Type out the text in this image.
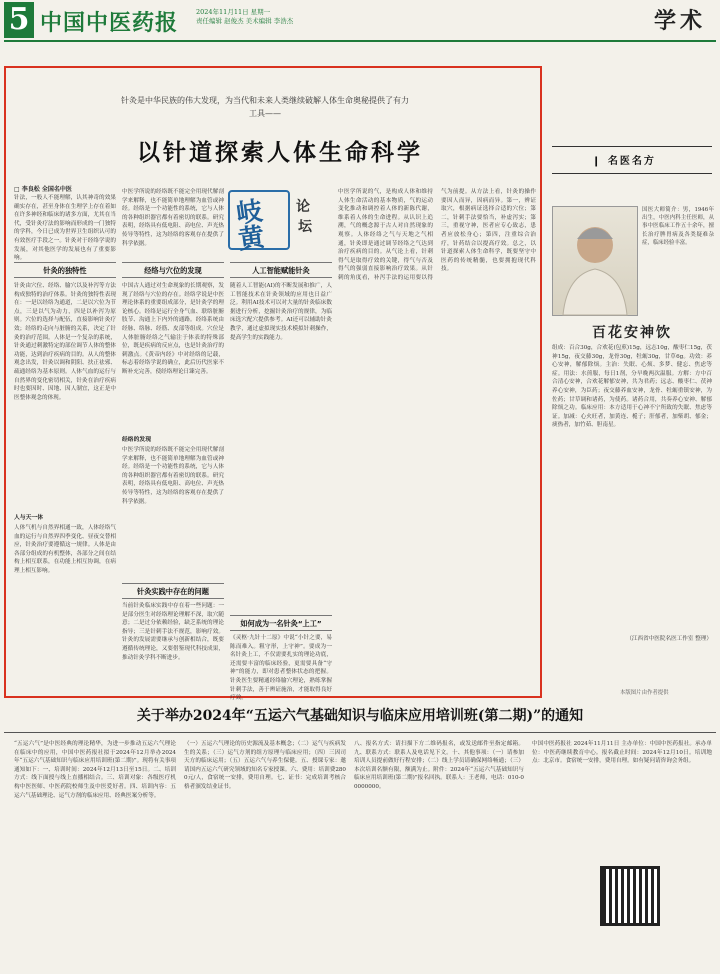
5 中国中医药报	2024年11月11日 星期一
责任编辑 赵俊杰 美术编辑 李浩杰	学术
针灸是中华民族的伟大发现，为当代和未来人类继续破解人体生命奥秘提供了有力工具——
以针道探索人体生命科学
□ 李良松 全国名中医
针法，一般人不能理解，认其神奇的效果确实存在，甚至身体在生理学上存在着如在许多神经和临床的诸多方面，尤其在当代，受针灸疗法的影响而形成的一门独特的学科，今日已成为世界卫生组织认可的有效医疗手段之一。针灸对于经络学说的发展，对其他医学的发展也有了重要影响。
针灸的独特性
针灸由穴位、经络、腧穴以及补泻等方法构成独特的治疗体系。针灸的独特性表现在：一是以经络为通道，二是以穴位为节点，三是以气为动力，四是以补泻为原则。穴位的选择与配伍，直接影响针灸疗效；经络的走向与脏腑的关系，决定了针灸的治疗范围。人体是一个复杂的系统，针灸通过刺激特定的部位调节人体的整体功能，达到治疗疾病的目的。从人的整体观念出发，针灸以调和阴阳、扶正祛邪、疏通经络为基本原则。人体气血的运行与自然界的变化密切相关，针灸在治疗疾病时也要因时、因地、因人制宜，这正是中医整体观念的体现。
人与天一体
人体气机与自然界相通一致，人体经络气血的运行与自然界四季变化、昼夜交替相应，针灸治疗要遵循这一规律。人体是由各部分组成的有机整体，各部分之间在结构上相互联系，在功能上相互协调，在病理上相互影响。
中医学所说的经络既不能完全用现代解剖学来解释，也不能简单地理解为血管或神经。经络是一个功能性的系统，它与人体的各种组织器官都有着密切的联系。研究表明，经络具有低电阻、高电位、声光热传导等特性，这为经络的客观存在提供了科学依据。
经络与穴位的发现
中国古人通过对生命现象的长期观察，发现了经络与穴位的存在。经络学说是中医理论体系的重要组成部分，是针灸学的理论核心。经络是运行全身气血、联络脏腑肢节、沟通上下内外的通路。经络系统由经脉、络脉、经筋、皮部等组成。穴位是人体脏腑经络之气输注于体表的特殊部位，既是疾病的反应点，也是针灸治疗的刺激点。《黄帝内经》中对经络的记载，标志着经络学说的确立，此后历代医家不断补充完善，使经络理论日臻完善。
经络的发现
中医学所说的经络既不能完全用现代解剖学来解释，也不能简单地理解为血管或神经。经络是一个功能性的系统，它与人体的各种组织器官都有着密切的联系。研究表明，经络具有低电阻、高电位、声光热传导等特性，这为经络的客观存在提供了科学依据。
针灸实践中存在的问题
当前针灸临床实践中存在着一些问题：一是部分医生对经络理论理解不深，取穴随意；二是过分依赖经验，缺乏系统的理论指导；三是针刺手法不规范，影响疗效。针灸的发展需要继承与创新相结合，既要遵循传统理论，又要借鉴现代科技成果，推动针灸学科不断进步。
岐
黄
论
坛
人工智能赋能针灸
随着人工智能(AI)的不断发展和推广，人工智能技术在针灸领域的应用也日益广泛。利用AI技术可以对大量的针灸临床数据进行分析，挖掘针灸治疗的规律，为临床选穴配穴提供参考。AI还可以辅助针灸教学，通过虚拟现实技术模拟针刺操作，提高学生的实践能力。
如何成为一名针灸“上工”
《灵枢·九针十二原》中说“小针之要，易陈而难入。粗守形，上守神”。要成为一名针灸上工，不仅需要扎实的理论功底，还需要丰富的临床经验，更需要具备“守神”的能力，即对患者整体状态的把握。针灸医生要精通经络腧穴理论，熟练掌握针刺手法，善于辨证施治，才能取得良好疗效。
中医学所说的气，是构成人体和维持人体生命活动的基本物质，气的运动变化推动和调控着人体的新陈代谢，维系着人体的生命进程。从认识上追溯，气的概念源于古人对自然现象的观察。人体经络之气与天地之气相通，针灸即是通过调节经络之气达到治疗疾病的目的。从气论上看，针刺得气是取得疗效的关键，得气与否及得气的强弱直接影响治疗效果。从针刺的角度看，补泻手法的运用要以得气为前提。从方法上看，针灸的操作要因人而异，因病而异。第一，辨证取穴，根据病证选择合适的穴位；第二，针刺手法要恰当，补虚泻实；第三，重视守神，医者应专心致志，患者应放松身心；第四，注重综合治疗，针药结合以提高疗效。总之，以针道探索人体生命科学，既要坚守中医药的传统精髓，也要拥抱现代科技。
❙ 名医名方
国医大师简介：男，1946年出生，中医内科主任医师，从事中医临床工作五十余年，擅长治疗脾胃病及各类疑难杂症，临床经验丰富。
百花安神饮
组成：百合30g，合欢花(包煎)15g，远志10g，酸枣仁15g，茯神15g，夜交藤30g，龙骨30g，牡蛎30g，甘草6g。功效：养心安神，解郁除烦。主治：失眠、心烦、多梦、健忘、焦虑等症。用法：水煎服，每日1剂，分早晚两次温服。方解：方中百合清心安神，合欢花解郁安神，共为君药；远志、酸枣仁、茯神养心安神，为臣药；夜交藤养血安神，龙骨、牡蛎重镇安神，为佐药；甘草调和诸药，为使药。诸药合用，共奏养心安神、解郁除烦之功。临床应用：本方适用于心神不宁所致的失眠、焦虑等证。加减：心火旺者，加黄连、栀子；肝郁者，加柴胡、郁金；痰热者，加竹茹、胆南星。
（江西省中医院名医工作室 整理）
本版图片由作者提供
关于举办2024年“五运六气基础知识与临床应用培训班(第二期)”的通知
“五运六气”是中医经典的理论精华，为进一步推动五运六气理论在临床中的应用，中国中医药报社拟于2024年12月举办2024年“五运六气基础知识与临床应用培训班(第二期)”。现将有关事项通知如下：一、培训时间：2024年12月13日至15日。二、培训方式：线下面授与线上直播相结合。三、培训对象：各级医疗机构中医医师、中医药院校师生及中医爱好者。四、培训内容：五运六气基础理论、运气方剂的临床应用、经典医案分析等。
（一）五运六气理论的历史源流及基本概念；（二）运气与疾病发生的关系；（三）运气方剂的组方原理与临床应用；（四）三因司天方的临床运用；（五）五运六气与养生保健。五、授课专家：邀请国内五运六气研究领域的知名专家授课。六、费用：培训费2800元/人，食宿统一安排，费用自理。七、证书：完成培训考核合格者颁发结业证书。
八、报名方式：请扫描下方二维码报名，或发送邮件至指定邮箱。九、联系方式：联系人及电话见下文。十、其他事项：（一）请参加培训人员提前做好行程安排；（二）线上学员请确保网络畅通；（三）本次培训名额有限，额满为止。附件：2024年“五运六气基础知识与临床应用培训班(第二期)”报名回执。联系人：王老师，电话：010-00000000。
中国中医药报社 2024年11月11日 主办单位：中国中医药报社。承办单位：中医药继续教育中心。报名截止时间：2024年12月10日。培训地点：北京市。食宿统一安排，费用自理。如有疑问请咨询会务组。
